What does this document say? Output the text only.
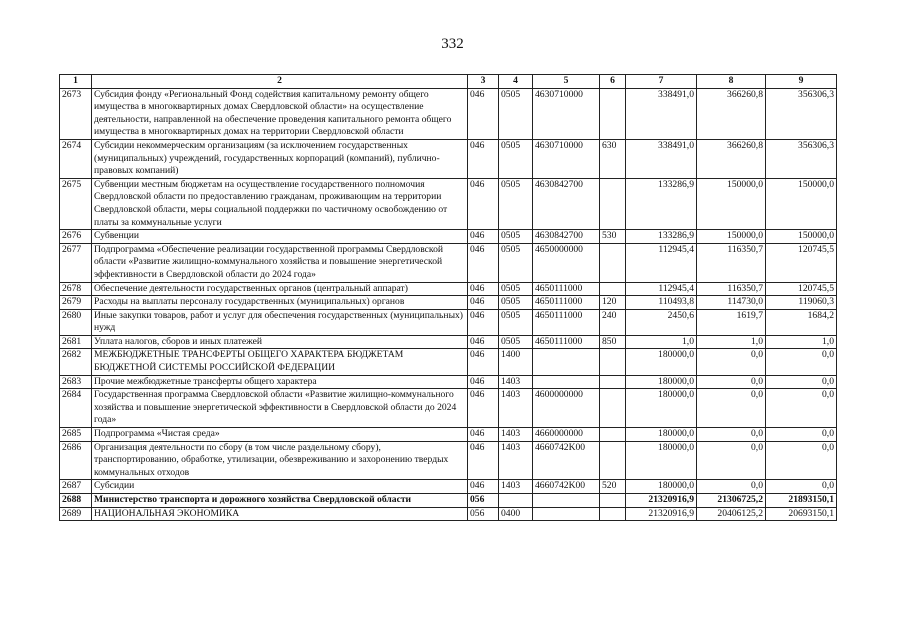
332
1	2	3	4	5	6	7	8	9
2673	Субсидия фонду «Региональный Фонд содействия капитальному ремонту общего имущества в многоквартирных домах Свердловской области» на осуществление деятельности, направленной на обеспечение проведения капитального ремонта общего имущества в многоквартирных домах на территории Свердловской области	046	0505	4630710000		338491,0	366260,8	356306,3
2674	Субсидии некоммерческим организациям (за исключением государственных (муниципальных) учреждений, государственных корпораций (компаний), публично-правовых компаний)	046	0505	4630710000	630	338491,0	366260,8	356306,3
2675	Субвенции местным бюджетам на осуществление государственного полномочия Свердловской области по предоставлению гражданам, проживающим на территории Свердловской области, меры социальной поддержки по частичному освобождению от платы за коммунальные услуги	046	0505	4630842700		133286,9	150000,0	150000,0
2676	Субвенции	046	0505	4630842700	530	133286,9	150000,0	150000,0
2677	Подпрограмма «Обеспечение реализации государственной программы Свердловской области «Развитие жилищно-коммунального хозяйства и повышение энергетической эффективности в Свердловской области до 2024 года»	046	0505	4650000000		112945,4	116350,7	120745,5
2678	Обеспечение деятельности государственных органов (центральный аппарат)	046	0505	4650111000		112945,4	116350,7	120745,5
2679	Расходы на выплаты персоналу государственных (муниципальных) органов	046	0505	4650111000	120	110493,8	114730,0	119060,3
2680	Иные закупки товаров, работ и услуг для обеспечения государственных (муниципальных) нужд	046	0505	4650111000	240	2450,6	1619,7	1684,2
2681	Уплата налогов, сборов и иных платежей	046	0505	4650111000	850	1,0	1,0	1,0
2682	МЕЖБЮДЖЕТНЫЕ ТРАНСФЕРТЫ ОБЩЕГО ХАРАКТЕРА БЮДЖЕТАМ БЮДЖЕТНОЙ СИСТЕМЫ РОССИЙСКОЙ ФЕДЕРАЦИИ	046	1400			180000,0	0,0	0,0
2683	Прочие межбюджетные трансферты общего характера	046	1403			180000,0	0,0	0,0
2684	Государственная программа Свердловской области «Развитие жилищно-коммунального хозяйства и повышение энергетической эффективности в Свердловской области до 2024 года»	046	1403	4600000000		180000,0	0,0	0,0
2685	Подпрограмма «Чистая среда»	046	1403	4660000000		180000,0	0,0	0,0
2686	Организация деятельности по сбору (в том числе раздельному сбору), транспортированию, обработке, утилизации, обезвреживанию и захоронению твердых коммунальных отходов	046	1403	4660742K00		180000,0	0,0	0,0
2687	Субсидии	046	1403	4660742K00	520	180000,0	0,0	0,0
2688	Министерство транспорта и дорожного хозяйства Свердловской области	056				21320916,9	21306725,2	21893150,1
2689	НАЦИОНАЛЬНАЯ ЭКОНОМИКА	056	0400			21320916,9	20406125,2	20693150,1
